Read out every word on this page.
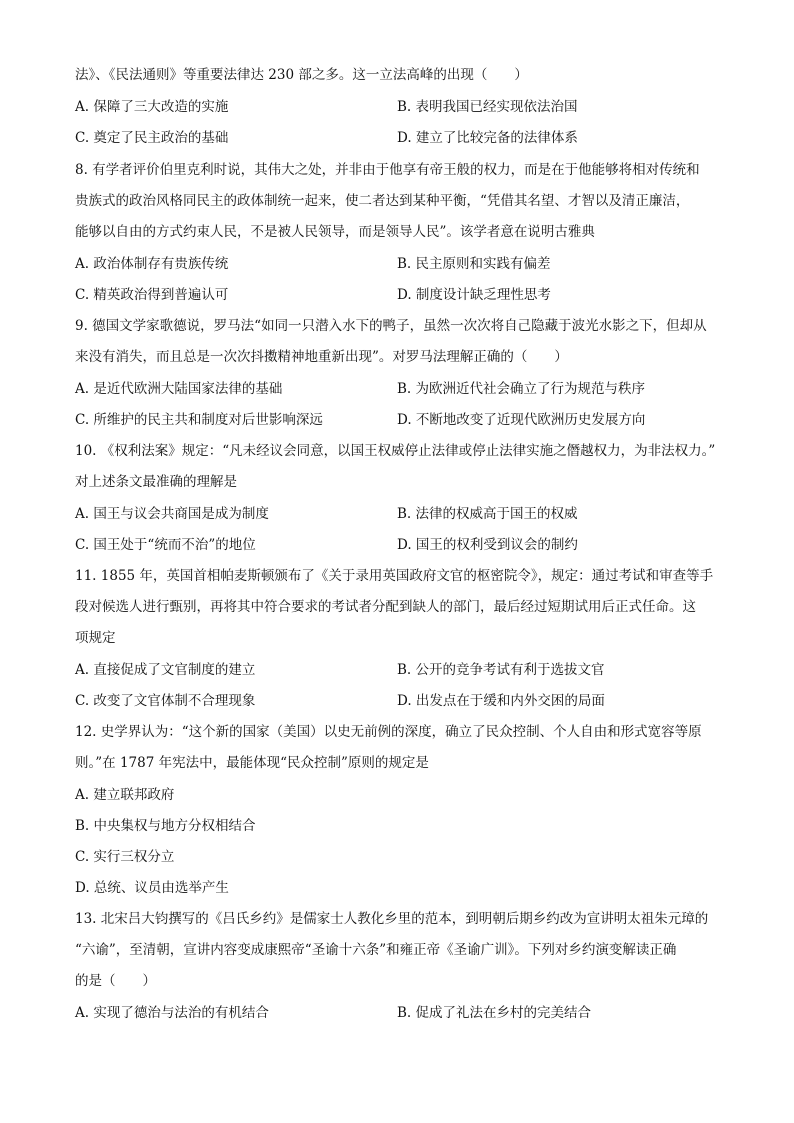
法》、《民法通则》等重要法律达 230 部之多。这一立法高峰的出现（　　）
A. 保障了三大改造的实施	B. 表明我国已经实现依法治国
C. 奠定了民主政治的基础	D. 建立了比较完备的法律体系
8. 有学者评价伯里克利时说，其伟大之处，并非由于他享有帝王般的权力，而是在于他能够将相对传统和
贵族式的政治风格同民主的政体制统一起来，使二者达到某种平衡，“凭借其名望、才智以及清正廉洁，
能够以自由的方式约束人民，不是被人民领导，而是领导人民”。该学者意在说明古雅典
A. 政治体制存有贵族传统	B. 民主原则和实践有偏差
C. 精英政治得到普遍认可	D. 制度设计缺乏理性思考
9. 德国文学家歌德说，罗马法“如同一只潜入水下的鸭子，虽然一次次将自己隐藏于波光水影之下，但却从
来没有消失，而且总是一次次抖擞精神地重新出现”。对罗马法理解正确的（　　）
A. 是近代欧洲大陆国家法律的基础	B. 为欧洲近代社会确立了行为规范与秩序
C. 所维护的民主共和制度对后世影响深远	D. 不断地改变了近现代欧洲历史发展方向
10. 《权利法案》规定：“凡未经议会同意，以国王权威停止法律或停止法律实施之僭越权力，为非法权力。”
对上述条文最准确的理解是
A. 国王与议会共商国是成为制度	B. 法律的权威高于国王的权威
C. 国王处于“统而不治”的地位	D. 国王的权利受到议会的制约
11. 1855 年，英国首相帕麦斯顿颁布了《关于录用英国政府文官的枢密院令》，规定：通过考试和审查等手
段对候选人进行甄别，再将其中符合要求的考试者分配到缺人的部门，最后经过短期试用后正式任命。这
项规定
A. 直接促成了文官制度的建立	B. 公开的竞争考试有利于选拔文官
C. 改变了文官体制不合理现象	D. 出发点在于缓和内外交困的局面
12. 史学界认为：“这个新的国家（美国）以史无前例的深度，确立了民众控制、个人自由和形式宽容等原
则。”在 1787 年宪法中，最能体现“民众控制”原则的规定是
A. 建立联邦政府
B. 中央集权与地方分权相结合
C. 实行三权分立
D. 总统、议员由选举产生
13. 北宋吕大钧撰写的《吕氏乡约》是儒家士人教化乡里的范本，到明朝后期乡约改为宣讲明太祖朱元璋的
“六谕”，至清朝，宣讲内容变成康熙帝“圣谕十六条”和雍正帝《圣谕广训》。下列对乡约演变解读正确
的是（　　）
A. 实现了德治与法治的有机结合	B. 促成了礼法在乡村的完美结合
